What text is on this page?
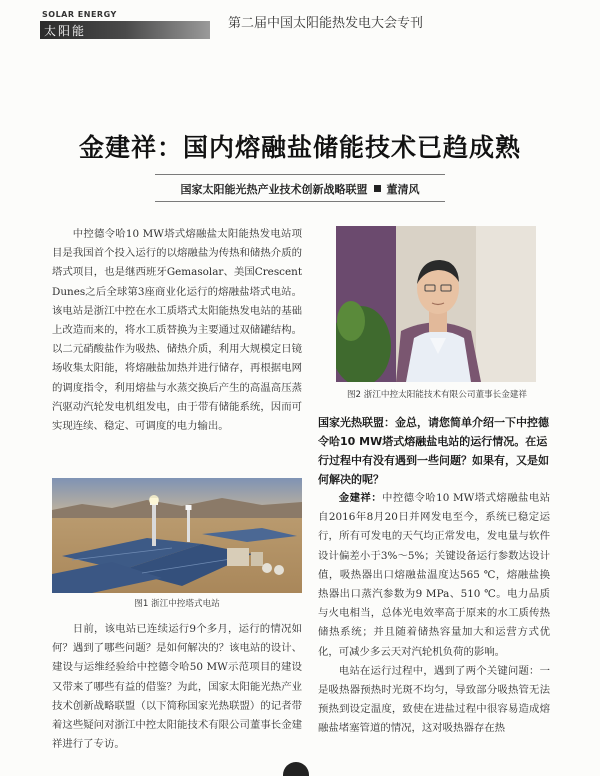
SOLAR ENERGY
太阳能	第二届中国太阳能热发电大会专刊
金建祥：国内熔融盐储能技术已趋成熟
国家太阳能光热产业技术创新战略联盟 董清风

中控德令哈10 MW塔式熔融盐太阳能热发电站项目是我国首个投入运行的以熔融盐为传热和储热介质的塔式项目，也是继西班牙Gemasolar、美国Crescent Dunes之后全球第3座商业化运行的熔融盐塔式电站。该电站是浙江中控在水工质塔式太阳能热发电站的基础上改造而来的，将水工质替换为主要通过双储罐结构。以二元硝酸盐作为吸热、储热介质，利用大规模定日镜场收集太阳能，将熔融盐加热并进行储存，再根据电网的调度指令，利用熔盐与水蒸交换后产生的高温高压蒸汽驱动汽轮发电机组发电，由于带有储能系统，因而可实现连续、稳定、可调度的电力输出。

图1 浙江中控塔式电站

日前，该电站已连续运行9个多月，运行的情况如何？遇到了哪些问题？是如何解决的？该电站的设计、建设与运维经验给中控德令哈50 MW示范项目的建设又带来了哪些有益的借鉴？为此，国家太阳能光热产业技术创新战略联盟（以下简称国家光热联盟）的记者带着这些疑问对浙江中控太阳能技术有限公司董事长金建祥进行了专访。

图2 浙江中控太阳能技术有限公司董事长金建祥
国家光热联盟：金总，请您简单介绍一下中控德令哈10 MW塔式熔融盐电站的运行情况。在运行过程中有没有遇到一些问题？如果有，又是如何解决的呢？

金建祥：中控德令哈10 MW塔式熔融盐电站自2016年8月20日并网发电至今，系统已稳定运行，所有可发电的天气均正常发电，发电量与软件设计偏差小于3%～5%；关键设备运行参数达设计值，吸热器出口熔融盐温度达565 ℃，熔融盐换热器出口蒸汽参数为9 MPa、510 ℃。电力品质与火电相当，总体光电效率高于原来的水工质传热储热系统；并且随着储热容量加大和运营方式优化，可减少多云天对汽轮机负荷的影响。

电站在运行过程中，遇到了两个关键问题：一是吸热器预热时光斑不均匀，导致部分吸热管无法预热到设定温度，致使在进盐过程中很容易造成熔融盐堵塞管道的情况，这对吸热器存在热
